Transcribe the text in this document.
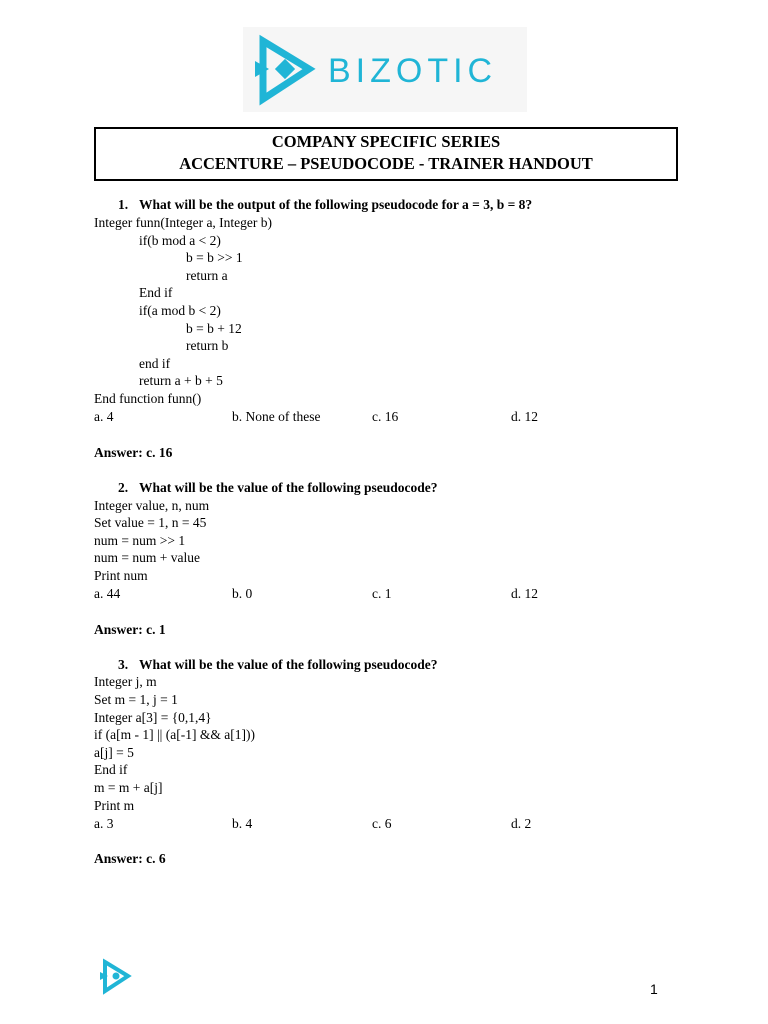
BIZOTIC
COMPANY SPECIFIC SERIES
ACCENTURE – PSEUDOCODE - TRAINER HANDOUT
1. What will be the output of the following pseudocode for a = 3, b = 8?
Integer funn(Integer a, Integer b)
if(b mod a < 2)
b = b >> 1
return a
End if
if(a mod b < 2)
b = b + 12
return b
end if
return a + b + 5
End function funn()
a. 4	b. None of these	c. 16	d. 12
Answer: c. 16
2. What will be the value of the following pseudocode?
Integer value, n, num
Set value = 1, n = 45
num = num >> 1
num = num + value
Print num
a. 44	b. 0	c. 1	d. 12
Answer: c. 1
3. What will be the value of the following pseudocode?
Integer j, m
Set m = 1, j = 1
Integer a[3] = {0,1,4}
if (a[m - 1] || (a[-1] && a[1]))
a[j] = 5
End if
m = m + a[j]
Print m
a. 3	b. 4	c. 6	d. 2
Answer: c. 6
1
